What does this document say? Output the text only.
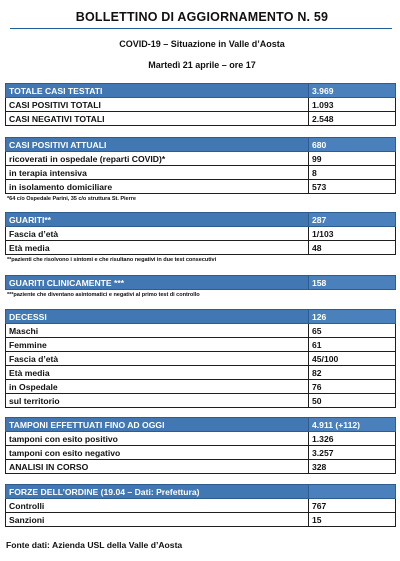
BOLLETTINO DI AGGIORNAMENTO N. 59
COVID-19 – Situazione in Valle d’Aosta
Martedì 21 aprile – ore 17
TOTALE CASI TESTATI	3.969
CASI POSITIVI TOTALI	1.093
CASI NEGATIVI TOTALI	2.548
CASI POSITIVI ATTUALI	680
ricoverati in ospedale (reparti COVID)*	99
in terapia intensiva	8
in isolamento domiciliare	573
*64 c/o Ospedale Parini, 35 c/o struttura St. Pierre
GUARITI**	287
Fascia d’età	1/103
Età media	48
**pazienti che risolvono i sintomi e che risultano negativi in due test consecutivi
GUARITI CLINICAMENTE ***	158
***paziente che diventano asintomatici e negativi al primo test di controllo
DECESSI	126
Maschi	65
Femmine	61
Fascia d’età	45/100
Età media	82
in Ospedale	76
sul territorio	50
TAMPONI EFFETTUATI FINO AD OGGI	4.911 (+112)
tamponi con esito positivo	1.326
tamponi con esito negativo	3.257
ANALISI IN CORSO	328
FORZE DELL’ORDINE (19.04 – Dati: Prefettura)	
Controlli	767
Sanzioni	15
Fonte dati: Azienda USL della Valle d’Aosta
